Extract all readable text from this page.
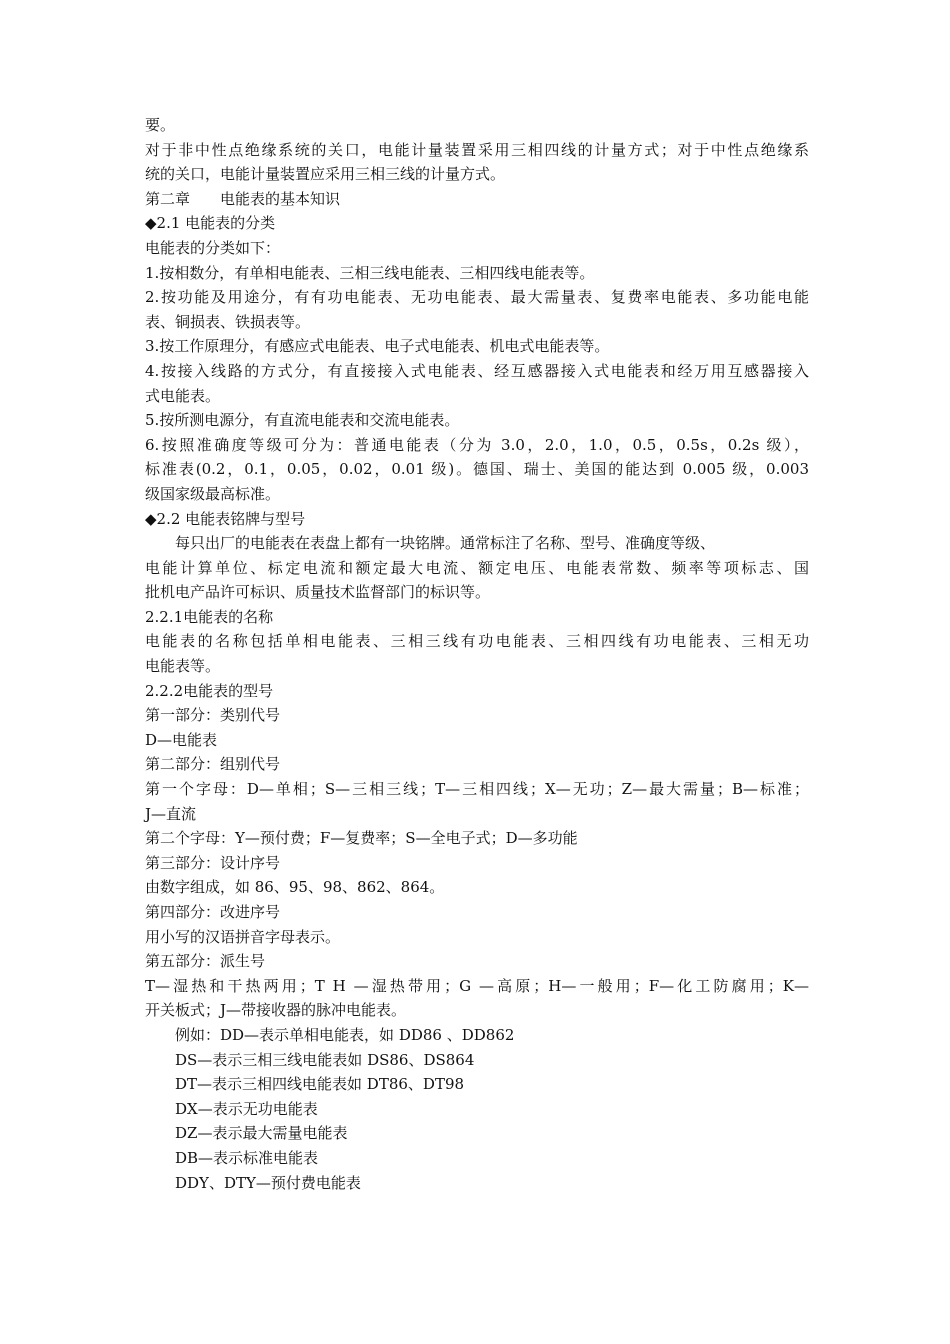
要。
对于非中性点绝缘系统的关口，电能计量装置采用三相四线的计量方式；对于中性点绝缘系
统的关口，电能计量装置应采用三相三线的计量方式。
第二章　　电能表的基本知识
◆2.1 电能表的分类
电能表的分类如下：
1.按相数分，有单相电能表、三相三线电能表、三相四线电能表等。
2.按功能及用途分，有有功电能表、无功电能表、最大需量表、复费率电能表、多功能电能
表、铜损表、铁损表等。
3.按工作原理分，有感应式电能表、电子式电能表、机电式电能表等。
4.按接入线路的方式分，有直接接入式电能表、经互感器接入式电能表和经万用互感器接入
式电能表。
5.按所测电源分，有直流电能表和交流电能表。
6.按照准确度等级可分为：普通电能表（分为 3.0，2.0，1.0，0.5，0.5s，0.2s 级），
标准表(0.2，0.1，0.05，0.02，0.01 级)。德国、瑞士、美国的能达到 0.005 级，0.003
级国家级最高标准。
◆2.2 电能表铭牌与型号
每只出厂的电能表在表盘上都有一块铭牌。通常标注了名称、型号、准确度等级、
电能计算单位、标定电流和额定最大电流、额定电压、电能表常数、频率等项标志、国
批机电产品许可标识、质量技术监督部门的标识等。
2.2.1电能表的名称
电能表的名称包括单相电能表、三相三线有功电能表、三相四线有功电能表、三相无功
电能表等。
2.2.2电能表的型号
第一部分：类别代号
D—电能表
第二部分：组别代号
第一个字母：D—单相；S—三相三线；T—三相四线；X—无功；Z—最大需量；B—标准；
J—直流
第二个字母：Y—预付费；F—复费率；S—全电子式；D—多功能
第三部分：设计序号
由数字组成，如 86、95、98、862、864。
第四部分：改进序号
用小写的汉语拼音字母表示。
第五部分：派生号
T—湿热和干热两用；T H —湿热带用；G —高原；H—一般用；F—化工防腐用；K—
开关板式；J—带接收器的脉冲电能表。
例如：DD—表示单相电能表，如 DD86 、DD862
DS—表示三相三线电能表如 DS86、DS864
DT—表示三相四线电能表如 DT86、DT98
DX—表示无功电能表
DZ—表示最大需量电能表
DB—表示标准电能表
DDY、DTY—预付费电能表
